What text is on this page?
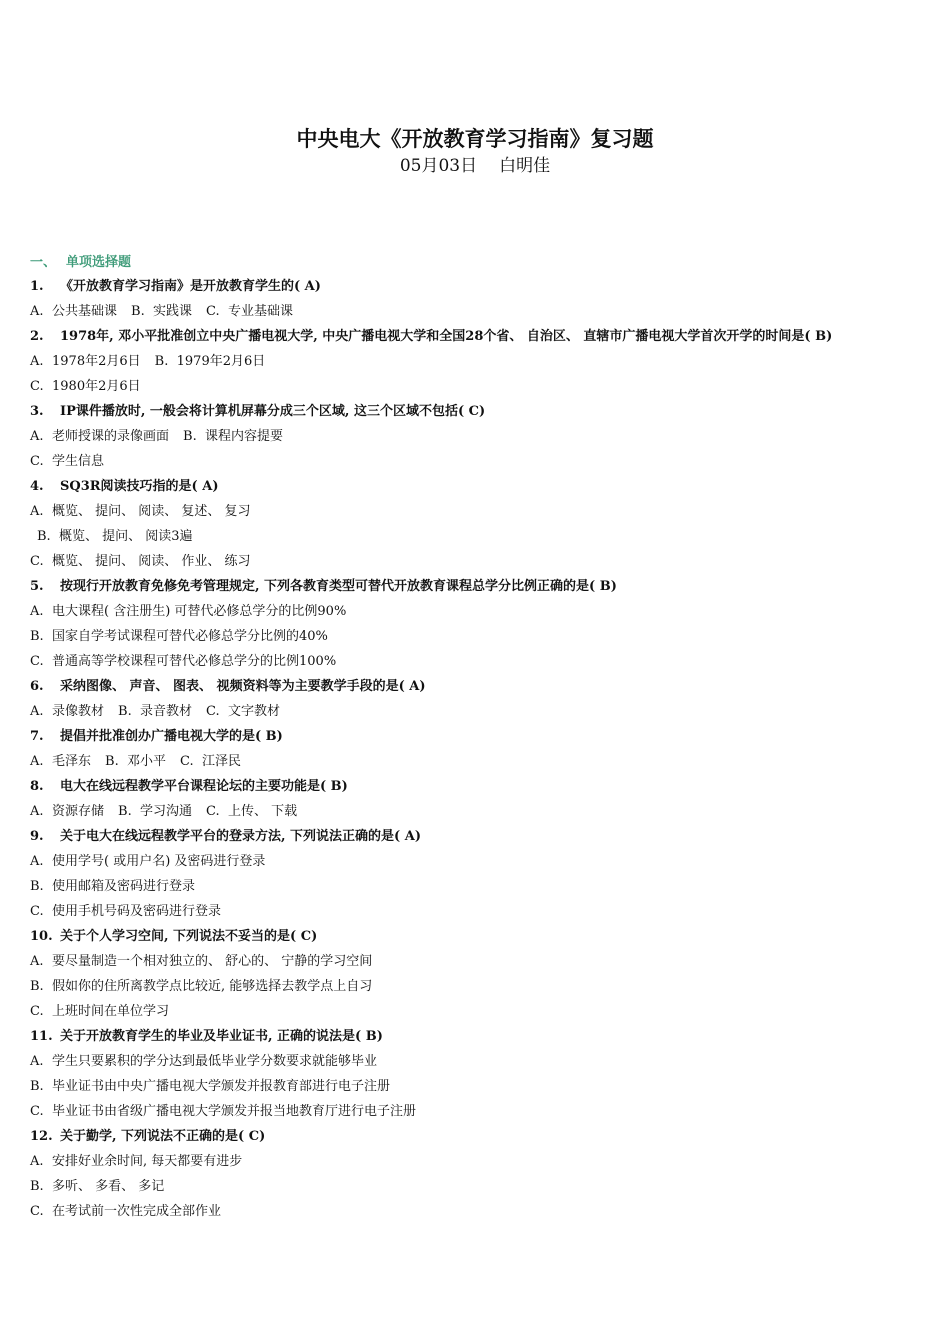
中央电大《开放教育学习指南》复习题
05月03日 白明佳
一、 单项选择题
1. 《开放教育学习指南》是开放教育学生的( A)
A. 公共基础课 B. 实践课 C. 专业基础课
2. 1978年, 邓小平批准创立中央广播电视大学, 中央广播电视大学和全国28个省、 自治区、 直辖市广播电视大学首次开学的时间是( B)
A. 1978年2月6日 B. 1979年2月6日
C. 1980年2月6日
3. IP课件播放时, 一般会将计算机屏幕分成三个区域, 这三个区域不包括( C)
A. 老师授课的录像画面 B. 课程内容提要
C. 学生信息
4. SQ3R阅读技巧指的是( A)
A. 概览、 提问、 阅读、 复述、 复习
B. 概览、 提问、 阅读3遍
C. 概览、 提问、 阅读、 作业、 练习
5. 按现行开放教育免修免考管理规定, 下列各教育类型可替代开放教育课程总学分比例正确的是( B)
A. 电大课程( 含注册生) 可替代必修总学分的比例90%
B. 国家自学考试课程可替代必修总学分比例的40%
C. 普通高等学校课程可替代必修总学分的比例100%
6. 采纳图像、 声音、 图表、 视频资料等为主要教学手段的是( A)
A. 录像教材 B. 录音教材 C. 文字教材
7. 提倡并批准创办广播电视大学的是( B)
A. 毛泽东 B. 邓小平 C. 江泽民
8. 电大在线远程教学平台课程论坛的主要功能是( B)
A. 资源存储 B. 学习沟通 C. 上传、 下载
9. 关于电大在线远程教学平台的登录方法, 下列说法正确的是( A)
A. 使用学号( 或用户名) 及密码进行登录
B. 使用邮箱及密码进行登录
C. 使用手机号码及密码进行登录
10. 关于个人学习空间, 下列说法不妥当的是( C)
A. 要尽量制造一个相对独立的、 舒心的、 宁静的学习空间
B. 假如你的住所离教学点比较近, 能够选择去教学点上自习
C. 上班时间在单位学习
11. 关于开放教育学生的毕业及毕业证书, 正确的说法是( B)
A. 学生只要累积的学分达到最低毕业学分数要求就能够毕业
B. 毕业证书由中央广播电视大学颁发并报教育部进行电子注册
C. 毕业证书由省级广播电视大学颁发并报当地教育厅进行电子注册
12. 关于勤学, 下列说法不正确的是( C)
A. 安排好业余时间, 每天都要有进步
B. 多听、 多看、 多记
C. 在考试前一次性完成全部作业
